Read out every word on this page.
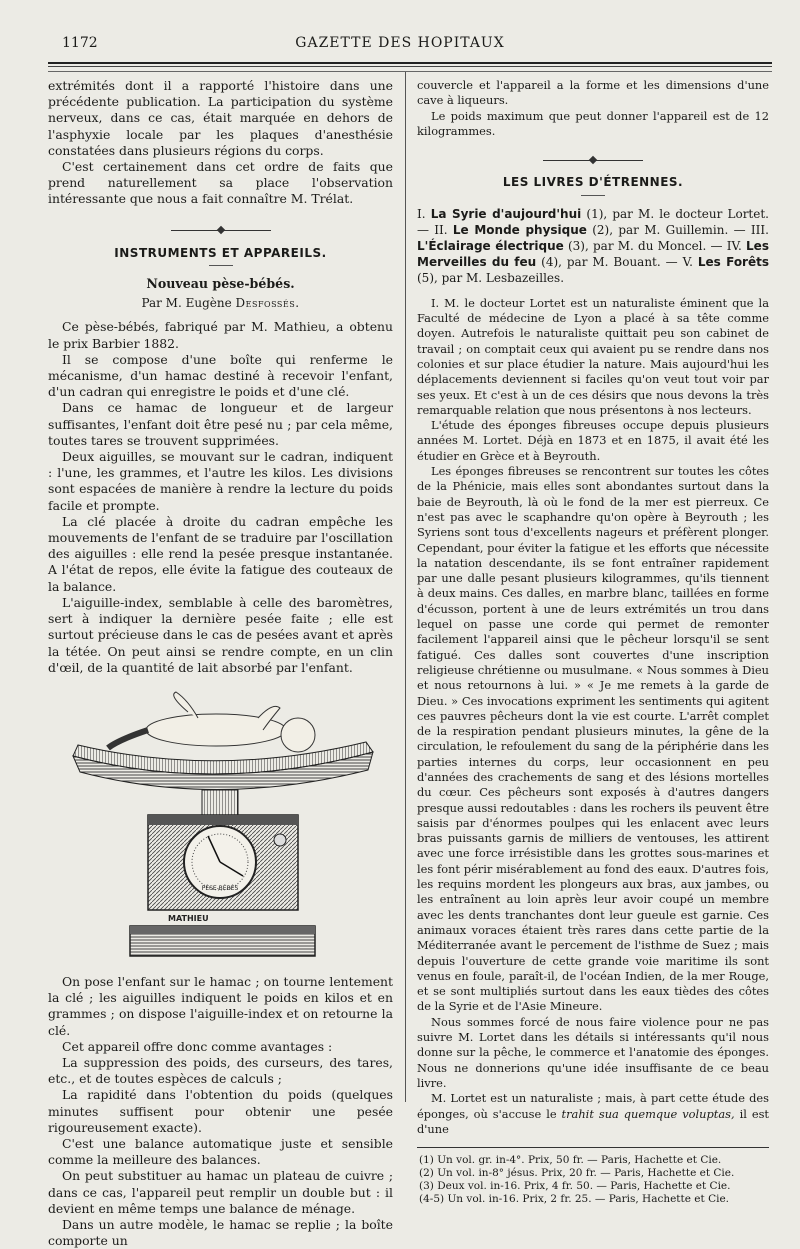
1172	GAZETTE DES HOPITAUX

extrémités dont il a rapporté l'histoire dans une précédente publication. La participation du système nerveux, dans ce cas, était marquée en dehors de l'asphyxie locale par les plaques d'anesthésie constatées dans plusieurs régions du corps.

C'est certainement dans cet ordre de faits que prend naturellement sa place l'observation intéressante que nous a fait connaître M. Trélat.

INSTRUMENTS ET APPAREILS.
Nouveau pèse-bébés.
Par M. Eugène Desfossés.

Ce pèse-bébés, fabriqué par M. Mathieu, a obtenu le prix Barbier 1882.

Il se compose d'une boîte qui renferme le mécanisme, d'un hamac destiné à recevoir l'enfant, d'un cadran qui enregistre le poids et d'une clé.

Dans ce hamac de longueur et de largeur suffisantes, l'enfant doit être pesé nu ; par cela même, toutes tares se trouvent supprimées.

Deux aiguilles, se mouvant sur le cadran, indiquent : l'une, les grammes, et l'autre les kilos. Les divisions sont espacées de manière à rendre la lecture du poids facile et prompte.

La clé placée à droite du cadran empêche les mouvements de l'enfant de se traduire par l'oscillation des aiguilles : elle rend la pesée presque instantanée. A l'état de repos, elle évite la fatigue des couteaux de la balance.

L'aiguille-index, semblable à celle des baromètres, sert à indiquer la dernière pesée faite ; elle est surtout précieuse dans le cas de pesées avant et après la tétée. On peut ainsi se rendre compte, en un clin d'œil, de la quantité de lait absorbé par l'enfant.

PÈSE-BÉBÉS
MATHIEU

On pose l'enfant sur le hamac ; on tourne lentement la clé ; les aiguilles indiquent le poids en kilos et en grammes ; on dispose l'aiguille-index et on retourne la clé.

Cet appareil offre donc comme avantages :

La suppression des poids, des curseurs, des tares, etc., et de toutes espèces de calculs ;

La rapidité dans l'obtention du poids (quelques minutes suffisent pour obtenir une pesée rigoureusement exacte).

C'est une balance automatique juste et sensible comme la meilleure des balances.

On peut substituer au hamac un plateau de cuivre ; dans ce cas, l'appareil peut remplir un double but : il devient en même temps une balance de ménage.

Dans un autre modèle, le hamac se replie ; la boîte comporte un

couvercle et l'appareil a la forme et les dimensions d'une cave à liqueurs.

Le poids maximum que peut donner l'appareil est de 12 kilogrammes.

LES LIVRES D'ÉTRENNES.

I. La Syrie d'aujourd'hui (1), par M. le docteur Lortet. — II. Le Monde physique (2), par M. Guillemin. — III. L'Éclairage électrique (3), par M. du Moncel. — IV. Les Merveilles du feu (4), par M. Bouant. — V. Les Forêts (5), par M. Lesbazeilles.

I. M. le docteur Lortet est un naturaliste éminent que la Faculté de médecine de Lyon a placé à sa tête comme doyen. Autrefois le naturaliste quittait peu son cabinet de travail ; on comptait ceux qui avaient pu se rendre dans nos colonies et sur place étudier la nature. Mais aujourd'hui les déplacements deviennent si faciles qu'on veut tout voir par ses yeux. Et c'est à un de ces désirs que nous devons la très remarquable relation que nous présentons à nos lecteurs.

L'étude des éponges fibreuses occupe depuis plusieurs années M. Lortet. Déjà en 1873 et en 1875, il avait été les étudier en Grèce et à Beyrouth.

Les éponges fibreuses se rencontrent sur toutes les côtes de la Phénicie, mais elles sont abondantes surtout dans la baie de Beyrouth, là où le fond de la mer est pierreux. Ce n'est pas avec le scaphandre qu'on opère à Beyrouth ; les Syriens sont tous d'excellents nageurs et préfèrent plonger. Cependant, pour éviter la fatigue et les efforts que nécessite la natation descendante, ils se font entraîner rapidement par une dalle pesant plusieurs kilogrammes, qu'ils tiennent à deux mains. Ces dalles, en marbre blanc, taillées en forme d'écusson, portent à une de leurs extrémités un trou dans lequel on passe une corde qui permet de remonter facilement l'appareil ainsi que le pêcheur lorsqu'il se sent fatigué. Ces dalles sont couvertes d'une inscription religieuse chrétienne ou musulmane. « Nous sommes à Dieu et nous retournons à lui. » « Je me remets à la garde de Dieu. » Ces invocations expriment les sentiments qui agitent ces pauvres pêcheurs dont la vie est courte. L'arrêt complet de la respiration pendant plusieurs minutes, la gêne de la circulation, le refoulement du sang de la périphérie dans les parties internes du corps, leur occasionnent en peu d'années des crachements de sang et des lésions mortelles du cœur. Ces pêcheurs sont exposés à d'autres dangers presque aussi redoutables : dans les rochers ils peuvent être saisis par d'énormes poulpes qui les enlacent avec leurs bras puissants garnis de milliers de ventouses, les attirent avec une force irrésistible dans les grottes sous-marines et les font périr misérablement au fond des eaux. D'autres fois, les requins mordent les plongeurs aux bras, aux jambes, ou les entraînent au loin après leur avoir coupé un membre avec les dents tranchantes dont leur gueule est garnie. Ces animaux voraces étaient très rares dans cette partie de la Méditerranée avant le percement de l'isthme de Suez ; mais depuis l'ouverture de cette grande voie maritime ils sont venus en foule, paraît-il, de l'océan Indien, de la mer Rouge, et se sont multipliés surtout dans les eaux tièdes des côtes de la Syrie et de l'Asie Mineure.

Nous sommes forcé de nous faire violence pour ne pas suivre M. Lortet dans les détails si intéressants qu'il nous donne sur la pêche, le commerce et l'anatomie des éponges. Nous ne donnerions qu'une idée insuffisante de ce beau livre.

M. Lortet est un naturaliste ; mais, à part cette étude des éponges, où s'accuse le trahit sua quemque voluptas, il est d'une

(1) Un vol. gr. in-4°. Prix, 50 fr. — Paris, Hachette et Cie.
(2) Un vol. in-8° jésus. Prix, 20 fr. — Paris, Hachette et Cie.
(3) Deux vol. in-16. Prix, 4 fr. 50. — Paris, Hachette et Cie.
(4-5) Un vol. in-16. Prix, 2 fr. 25. — Paris, Hachette et Cie.
